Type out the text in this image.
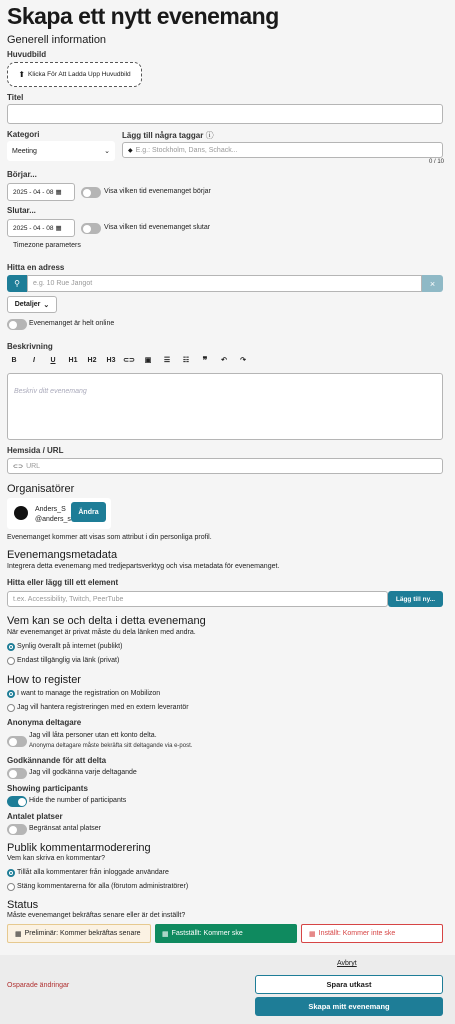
Skapa ett nytt evenemang
Generell information
Huvudbild
⬆ Klicka För Att Ladda Upp Huvudbild
Titel
Kategori
Meeting	⌄
Lägg till några taggar ⓘ
◆ E.g.: Stockholm, Dans, Schack...
0 / 10
Börjar...
2025 - 04 - 08 ▦	Visa vilken tid evenemanget börjar
Slutar...
2025 - 04 - 08 ▦	Visa vilken tid evenemanget slutar
Timezone parameters
Hitta en adress
⚲	e.g. 10 Rue Jangot	×
Detaljer ⌄
Evenemanget är helt online
Beskrivning
B	I	U	H1	H2	H3	⊂⊃	▣	☰	☷	❞	↶	↷
Beskriv ditt evenemang
Hemsida / URL
⊂⊃ URL
Organisatörer
Anders_S
@anders_s
Ändra
Evenemanget kommer att visas som attribut i din personliga profil.
Evenemangsmetadata
Integrera detta evenemang med tredjepartsverktyg och visa metadata för evenemanget.
Hitta eller lägg till ett element
t.ex. Accessibility, Twitch, PeerTube	Lägg till ny...
Vem kan se och delta i detta evenemang
När evenemanget är privat måste du dela länken med andra.
Synlig överallt på internet (publikt)
Endast tillgänglig via länk (privat)
How to register
I want to manage the registration on Mobilizon
Jag vill hantera registreringen med en extern leverantör
Anonyma deltagare
Jag vill låta personer utan ett konto delta.
Anonyma deltagare måste bekräfta sitt deltagande via e-post.
Godkännande för att delta
Jag vill godkänna varje deltagande
Showing participants
Hide the number of participants
Antalet platser
Begränsat antal platser
Publik kommentarmoderering
Vem kan skriva en kommentar?
Tillåt alla kommentarer från inloggade användare
Stäng kommentarerna för alla (förutom administratörer)
Status
Måste evenemanget bekräftas senare eller är det inställt?
▦ Preliminär: Kommer bekräftas senare	▦ Fastställt: Kommer ske	▦ Inställt: Kommer inte ske
Osparade ändringar
Avbryt
Spara utkast
Skapa mitt evenemang
